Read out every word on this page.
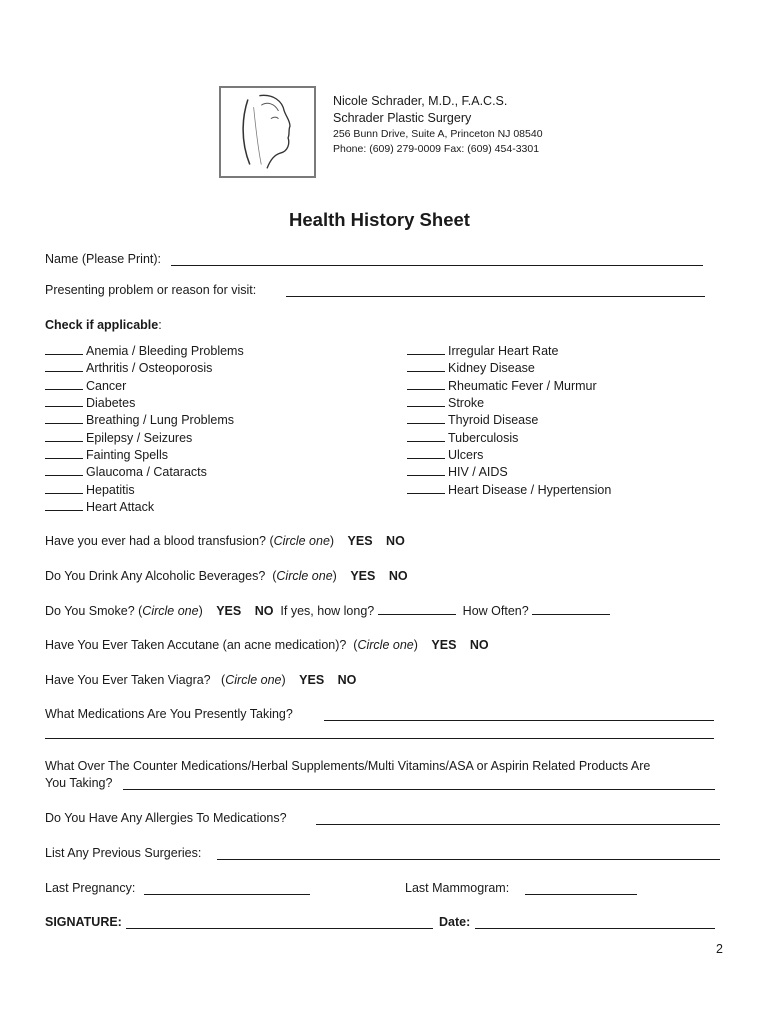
Nicole Schrader, M.D., F.A.C.S.
Schrader Plastic Surgery
256 Bunn Drive, Suite A, Princeton NJ 08540
Phone: (609) 279-0009 Fax: (609) 454-3301
Health History Sheet
Name (Please Print):
Presenting problem or reason for visit:
Check if applicable:
Anemia / Bleeding Problems
Arthritis / Osteoporosis
Cancer
Diabetes
Breathing / Lung Problems
Epilepsy / Seizures
Fainting Spells
Glaucoma / Cataracts
Hepatitis
Heart Attack
Irregular Heart Rate
Kidney Disease
Rheumatic Fever / Murmur
Stroke
Thyroid Disease
Tuberculosis
Ulcers
HIV / AIDS
Heart Disease / Hypertension
Have you ever had a blood transfusion? (Circle one) YES NO
Do You Drink Any Alcoholic Beverages?  (Circle one) YES NO
Do You Smoke? (Circle one) YES NO If yes, how long?	How Often?
Have You Ever Taken Accutane (an acne medication)?  (Circle one) YES NO
Have You Ever Taken Viagra?   (Circle one) YES NO
What Medications Are You Presently Taking?
What Over The Counter Medications/Herbal Supplements/Multi Vitamins/ASA or Aspirin Related Products Are
You Taking?
Do You Have Any Allergies To Medications?
List Any Previous Surgeries:
Last Pregnancy:	Last Mammogram:
SIGNATURE:	Date:
2
